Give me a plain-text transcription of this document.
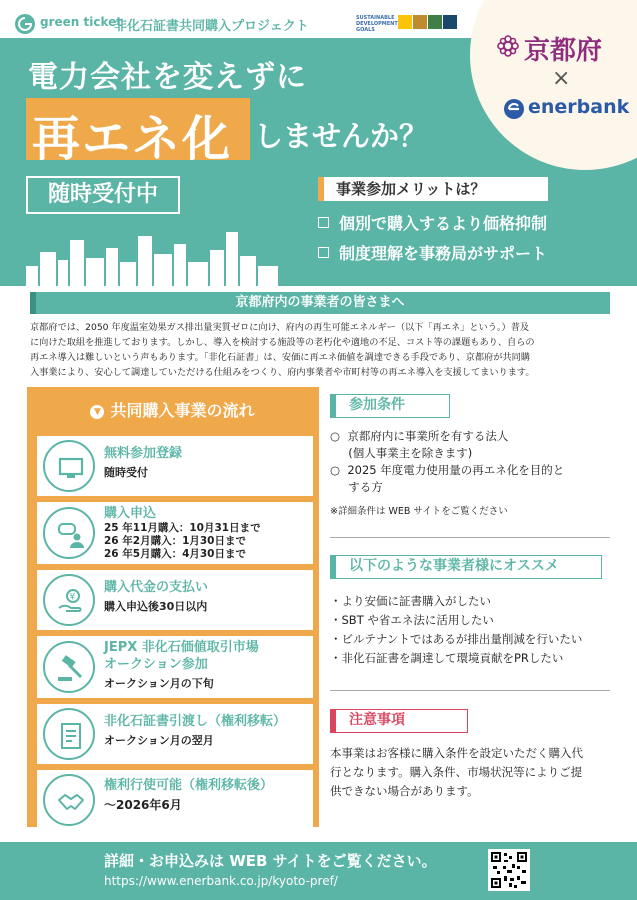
green ticket
非化石証書共同購入プロジェクト
SUSTAINABLE DEVELOPMENT GOALS
京都府
×
enerbank
電力会社を変えずに
再エネ化 しませんか？
随時受付中	事業参加メリットは？
個別で購入するより価格抑制
制度理解を事務局がサポート
京都府内の事業者の皆さまへ
京都府では、2050 年度温室効果ガス排出量実質ゼロに向け、府内の再生可能エネルギー（以下「再エネ」という。）普及
に向けた取組を推進しております。しかし、導入を検討する施設等の老朽化や適地の不足、コスト等の課題もあり、自らの
再エネ導入は難しいという声もあります。「非化石証書」は、安価に再エネ価値を調達できる手段であり、京都府が共同購
入事業により、安心して調達していただける仕組みをつくり、府内事業者や市町村等の再エネ導入を支援してまいります。
▼ 共同購入事業の流れ
無料参加登録
随時受付
購入申込
25 年11月購入：10月31日まで
26 年2月購入：1月30日まで
26 年5月購入：4月30日まで
¥
購入代金の支払い
購入申込後30日以内
JEPX 非化石価値取引市場
オークション参加
オークション月の下旬
非化石証書引渡し（権利移転）
オークション月の翌月
権利行使可能（権利移転後）
〜2026年6月
参加条件
○  京都府内に事業所を有する法人
(個人事業主を除きます)
○  2025 年度電力使用量の再エネ化を目的と
する方
※詳細条件は WEB サイトをご覧ください
以下のような事業者様にオススメ
・より安価に証書購入がしたい
・SBT や省エネ法に活用したい
・ビルテナントではあるが排出量削減を行いたい
・非化石証書を調達して環境貢献をPRしたい
注意事項
本事業はお客様に購入条件を設定いただく購入代
行となります。購入条件、市場状況等によりご提
供できない場合があります。
詳細・お申込みは WEB サイトをご覧ください。
https://www.enerbank.co.jp/kyoto-pref/
